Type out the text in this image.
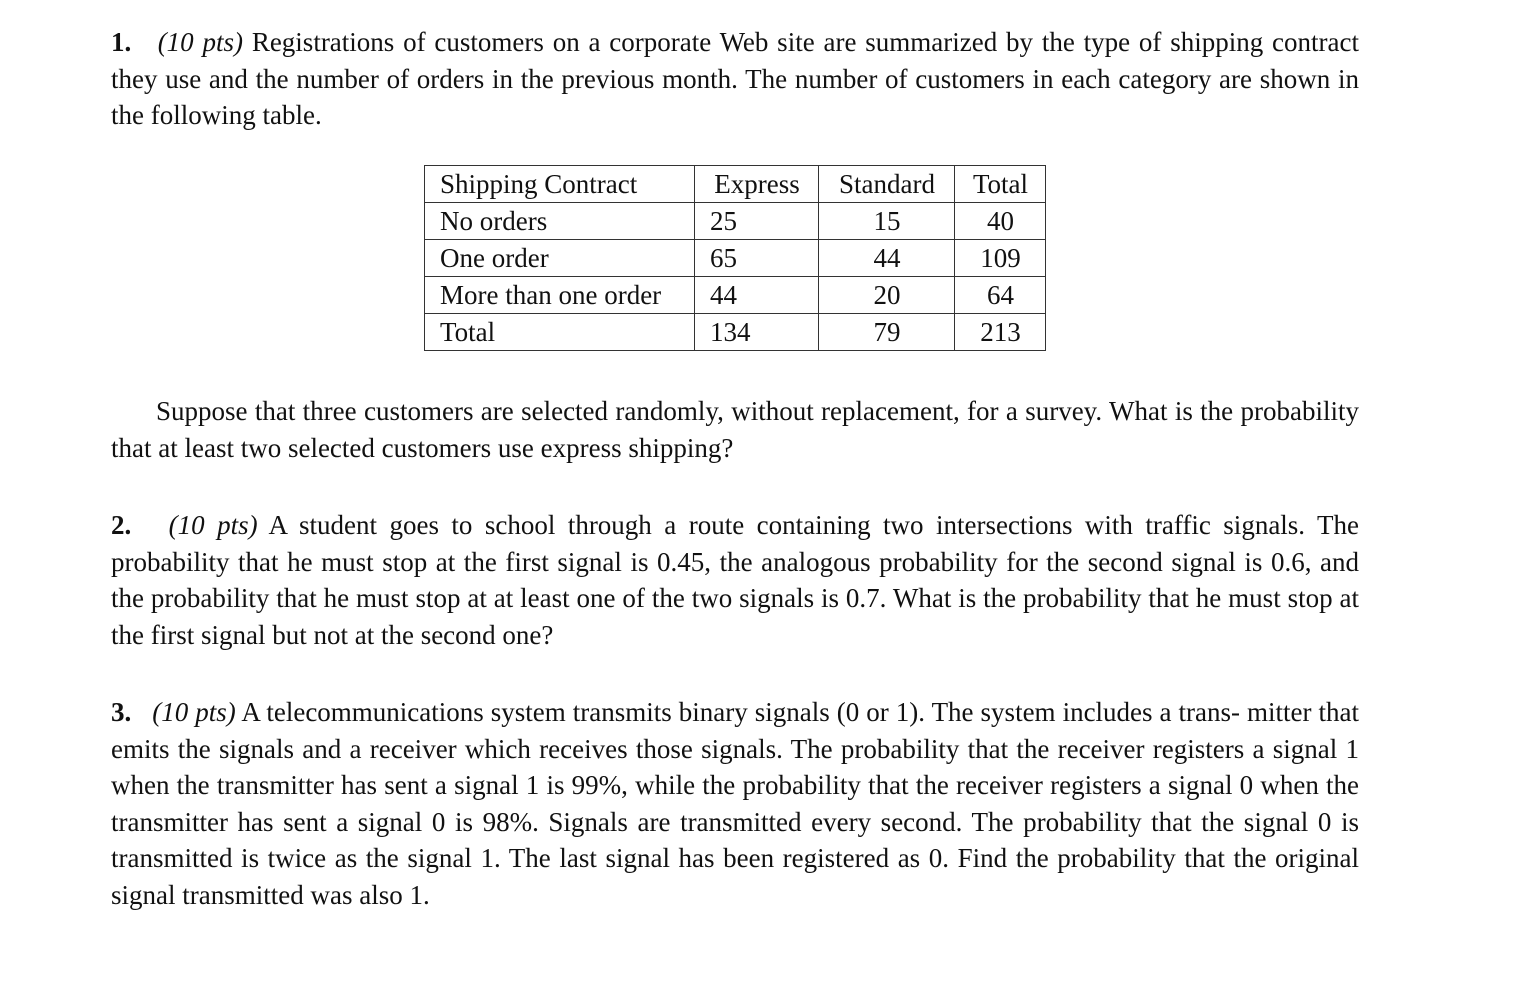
1. (10 pts) Registrations of customers on a corporate Web site are summarized by the type of shipping contract they use and the number of orders in the previous month. The number of customers in each category are shown in the following table.

Shipping Contract	Express	Standard	Total
No orders	25	15	40
One order	65	44	109
More than one order	44	20	64
Total	134	79	213

Suppose that three customers are selected randomly, without replacement, for a survey. What is the probability that at least two selected customers use express shipping?

2. (10 pts) A student goes to school through a route containing two intersections with traffic signals. The probability that he must stop at the first signal is 0.45, the analogous probability for the second signal is 0.6, and the probability that he must stop at at least one of the two signals is 0.7. What is the probability that he must stop at the first signal but not at the second one?

3. (10 pts) A telecommunications system transmits binary signals (0 or 1). The system includes a trans- mitter that emits the signals and a receiver which receives those signals. The probability that the receiver registers a signal 1 when the transmitter has sent a signal 1 is 99%, while the probability that the receiver registers a signal 0 when the transmitter has sent a signal 0 is 98%. Signals are transmitted every second. The probability that the signal 0 is transmitted is twice as the signal 1. The last signal has been registered as 0. Find the probability that the original signal transmitted was also 1.
